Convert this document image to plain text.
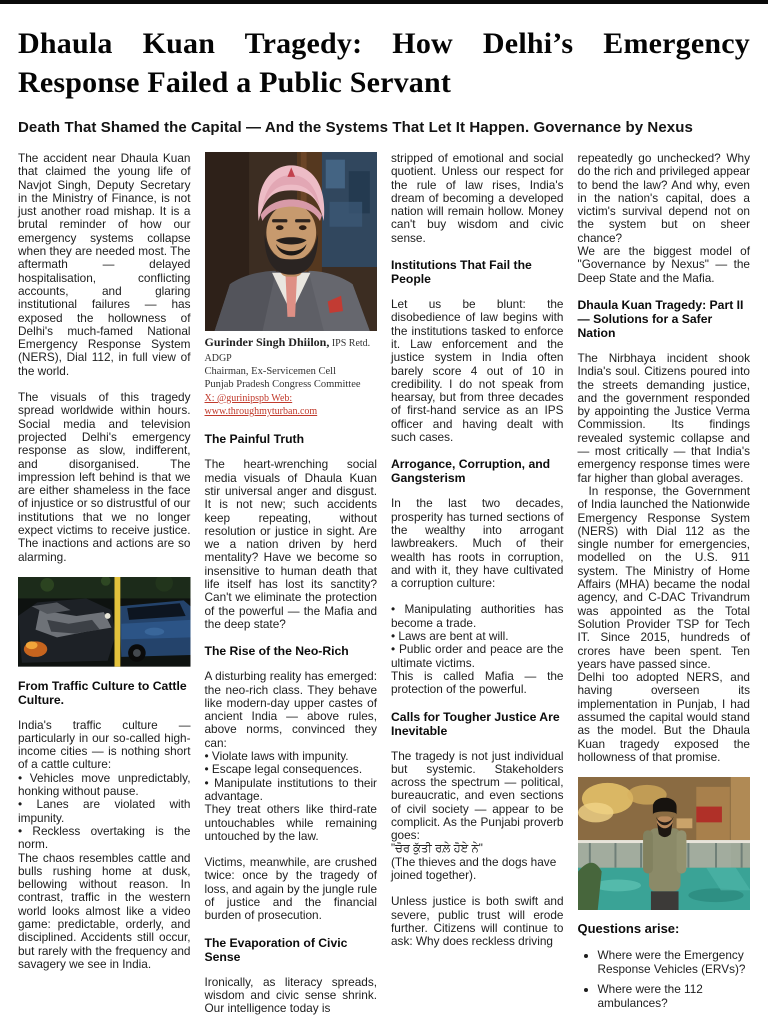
Dhaula Kuan Tragedy: How Delhi’s Emergency
Response Failed a Public Servant
Death That Shamed the Capital — And the Systems That Let It Happen. Governance by Nexus

The accident near Dhaula Kuan that claimed the young life of Navjot Singh, Deputy Secretary in the Ministry of Finance, is not just another road mishap. It is a brutal reminder of how our emergency systems collapse when they are needed most. The aftermath — delayed hospitalisation, conflicting accounts, and glaring institutional failures — has exposed the hollowness of Delhi's much-famed National Emergency Response System (NERS), Dial 112, in full view of the world.

The visuals of this tragedy spread worldwide within hours. Social media and television projected Delhi's emergency response as slow, indifferent, and disorganised. The impression left behind is that we are either shameless in the face of injustice or so distrustful of our institutions that we no longer expect victims to receive justice. The inactions and actions are so alarming.

From Traffic Culture to Cattle Culture.

India's traffic culture — particularly in our so-called high-income cities — is nothing short of a cattle culture:

• Vehicles move unpredictably, honking without pause.

• Lanes are violated with impunity.

• Reckless overtaking is the norm.

The chaos resembles cattle and bulls rushing home at dusk, bellowing without reason. In contrast, traffic in the western world looks almost like a video game: predictable, orderly, and disciplined. Accidents still occur, but rarely with the frequency and savagery we see in India.

Gurinder Singh Dhiilon, IPS Retd. ADGP
Chairman, Ex-Servicemen Cell
Punjab Pradesh Congress Committee
X: @gurinipspb Web: www.throughmyturban.com
The Painful Truth

The heart-wrenching social media visuals of Dhaula Kuan stir universal anger and disgust. It is not new; such accidents keep repeating, without resolution or justice in sight. Are we a nation driven by herd mentality? Have we become so insensitive to human death that life itself has lost its sanctity? Can't we eliminate the protection of the powerful — the Mafia and the deep state?

The Rise of the Neo-Rich

A disturbing reality has emerged: the neo-rich class. They behave like modern-day upper castes of ancient India — above rules, above norms, convinced they can:

• Violate laws with impunity.

• Escape legal consequences.

• Manipulate institutions to their advantage.

They treat others like third-rate untouchables while remaining untouched by the law.

Victims, meanwhile, are crushed twice: once by the tragedy of loss, and again by the jungle rule of justice and the financial burden of prosecution.

The Evaporation of Civic Sense

Ironically, as literacy spreads, wisdom and civic sense shrink. Our intelligence today is

stripped of emotional and social quotient. Unless our respect for the rule of law rises, India's dream of becoming a developed nation will remain hollow. Money can't buy wisdom and civic sense.

Institutions That Fail the People

Let us be blunt: the disobedience of law begins with the institutions tasked to enforce it. Law enforcement and the justice system in India often barely score 4 out of 10 in credibility. I do not speak from hearsay, but from three decades of first-hand service as an IPS officer and having dealt with such cases.

Arrogance, Corruption, and Gangsterism

In the last two decades, prosperity has turned sections of the wealthy into arrogant lawbreakers. Much of their wealth has roots in corruption, and with it, they have cultivated a corruption culture:

• Manipulating authorities has become a trade.

• Laws are bent at will.

• Public order and peace are the ultimate victims.

This is called Mafia — the protection of the powerful.

Calls for Tougher Justice Are Inevitable

The tragedy is not just individual but systemic. Stakeholders across the spectrum — political, bureaucratic, and even sections of civil society — appear to be complicit. As the Punjabi proverb goes:

"ਚੋਰ ਕੁੱਤੀ ਰਲ਼ੇ ਹੋਏ ਨੇ"

(The thieves and the dogs have joined together).

Unless justice is both swift and severe, public trust will erode further. Citizens will continue to ask: Why does reckless driving

repeatedly go unchecked? Why do the rich and privileged appear to bend the law? And why, even in the nation's capital, does a victim's survival depend not on the system but on sheer chance?

We are the biggest model of "Governance by Nexus" — the Deep State and the Mafia.

Dhaula Kuan Tragedy: Part II — Solutions for a Safer Nation

The Nirbhaya incident shook India's soul. Citizens poured into the streets demanding justice, and the government responded by appointing the Justice Verma Commission. Its findings revealed systemic collapse and — most critically — that India's emergency response times were far higher than global averages.

In response, the Government of India launched the Nationwide Emergency Response System (NERS) with Dial 112 as the single number for emergencies, modelled on the U.S. 911 system. The Ministry of Home Affairs (MHA) became the nodal agency, and C-DAC Trivandrum was appointed as the Total Solution Provider TSP for Tech IT. Since 2015, hundreds of crores have been spent. Ten years have passed since.

Delhi too adopted NERS, and having overseen its implementation in Punjab, I had assumed the capital would stand as the model. But the Dhaula Kuan tragedy exposed the hollowness of that promise.

Questions arise:
• Where were the Emergency Response Vehicles (ERVs)?
• Where were the 112 ambulances?
